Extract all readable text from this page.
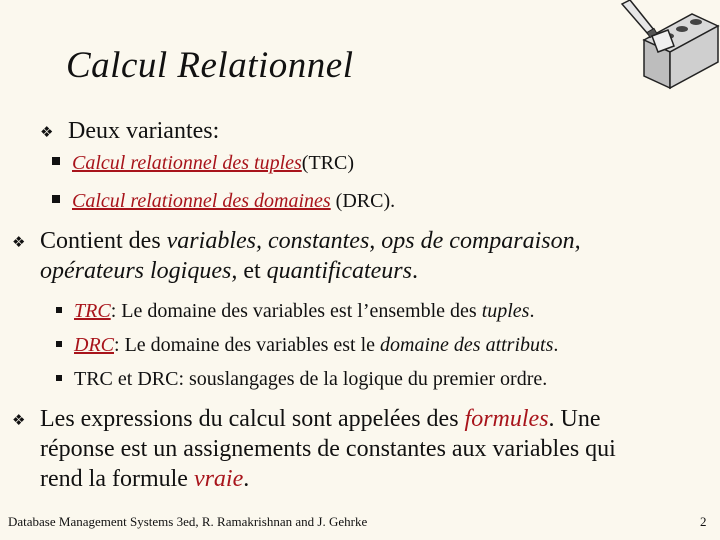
Calcul Relationnel
❖ Deux variantes:
Calcul relationnel des tuples(TRC)
Calcul relationnel des domaines (DRC).
❖ Contient des variables, constantes, ops de comparaison,
opérateurs logiques, et quantificateurs.
TRC: Le domaine des variables est l’ensemble des tuples.
DRC: Le domaine des variables est le domaine des attributs.
TRC et DRC: souslangages de la logique du premier ordre.
❖ Les expressions du calcul sont appelées des formules. Une
réponse est un assignements de constantes aux variables qui
rend la formule vraie.
Database Management Systems 3ed, R. Ramakrishnan and J. Gehrke	2
